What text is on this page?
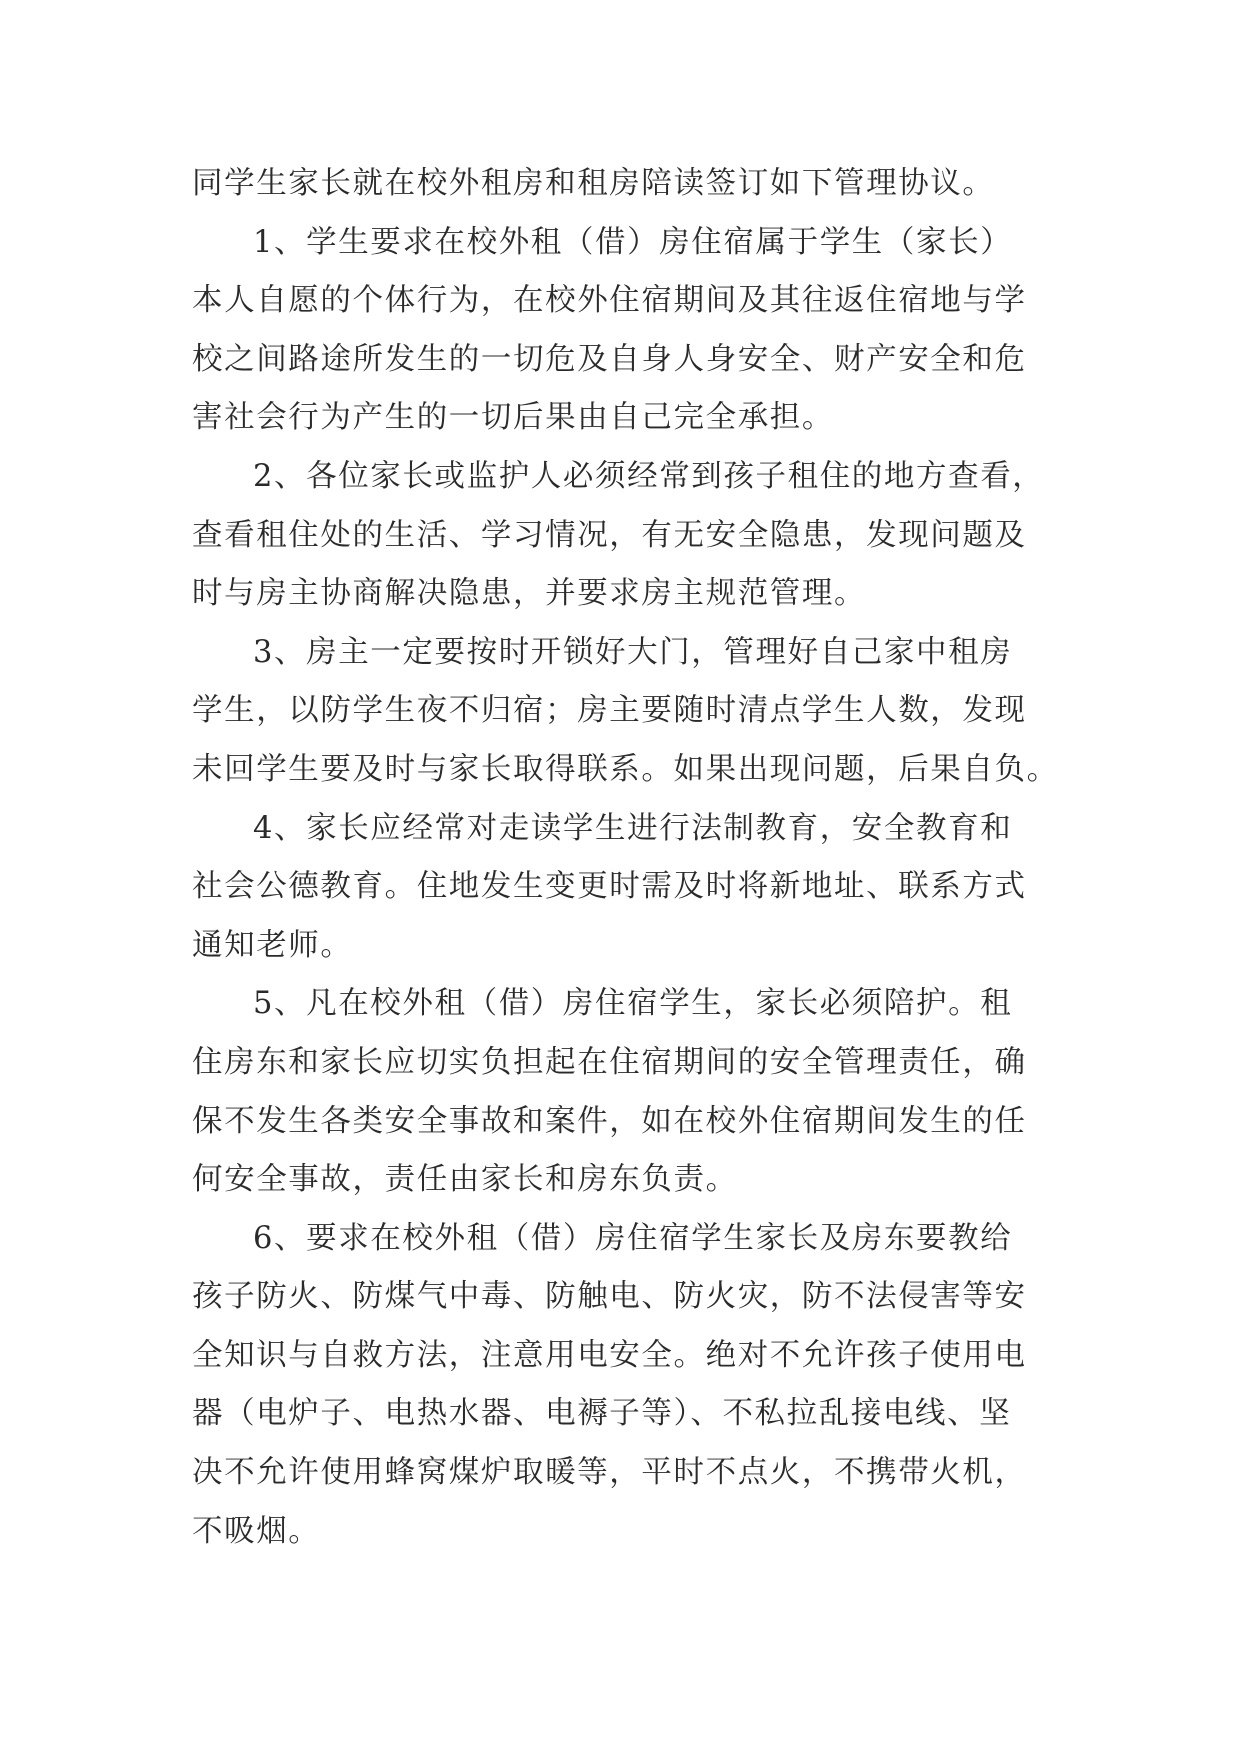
同学生家长就在校外租房和租房陪读签订如下管理协议。
1、学生要求在校外租（借）房住宿属于学生（家长）
本人自愿的个体行为，在校外住宿期间及其往返住宿地与学
校之间路途所发生的一切危及自身人身安全、财产安全和危
害社会行为产生的一切后果由自己完全承担。
2、各位家长或监护人必须经常到孩子租住的地方查看，
查看租住处的生活、学习情况，有无安全隐患，发现问题及
时与房主协商解决隐患，并要求房主规范管理。
3、房主一定要按时开锁好大门，管理好自己家中租房
学生，以防学生夜不归宿；房主要随时清点学生人数，发现
未回学生要及时与家长取得联系。如果出现问题，后果自负。
4、家长应经常对走读学生进行法制教育，安全教育和
社会公德教育。住地发生变更时需及时将新地址、联系方式
通知老师。
5、凡在校外租（借）房住宿学生，家长必须陪护。租
住房东和家长应切实负担起在住宿期间的安全管理责任，确
保不发生各类安全事故和案件，如在校外住宿期间发生的任
何安全事故，责任由家长和房东负责。
6、要求在校外租（借）房住宿学生家长及房东要教给
孩子防火、防煤气中毒、防触电、防火灾，防不法侵害等安
全知识与自救方法，注意用电安全。绝对不允许孩子使用电
器（电炉子、电热水器、电褥子等）、不私拉乱接电线、坚
决不允许使用蜂窝煤炉取暖等，平时不点火，不携带火机，
不吸烟。
